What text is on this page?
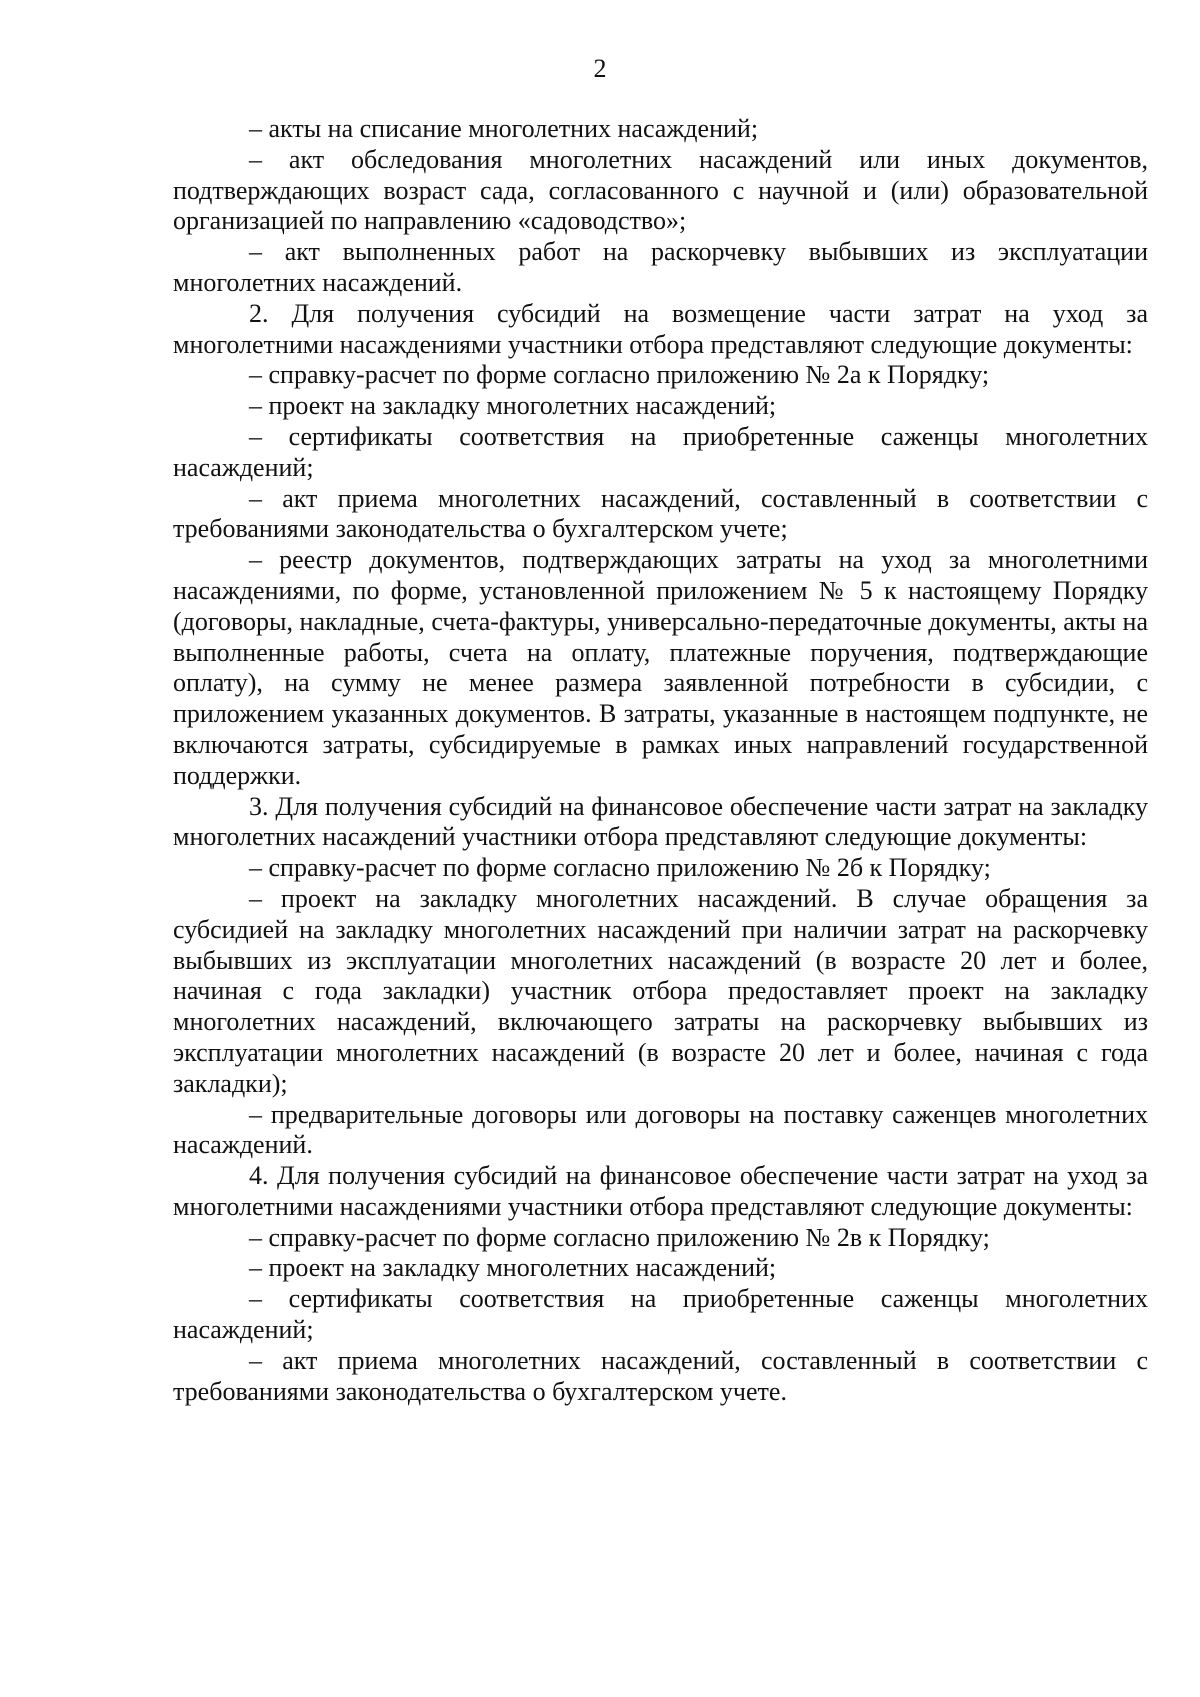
2

– акты на списание многолетних насаждений;

– акт обследования многолетних насаждений или иных документов, подтверждающих возраст сада, согласованного с научной и (или) образовательной организацией по направлению «садоводство»;

– акт выполненных работ на раскорчевку выбывших из эксплуатации многолетних насаждений.

2. Для получения субсидий на возмещение части затрат на уход за многолетними насаждениями участники отбора представляют следующие документы:

– справку-расчет по форме согласно приложению № 2а к Порядку;

– проект на закладку многолетних насаждений;

– сертификаты соответствия на приобретенные саженцы многолетних насаждений;

– акт приема многолетних насаждений, составленный в соответствии с требованиями законодательства о бухгалтерском учете;

– реестр документов, подтверждающих затраты на уход за многолетними насаждениями, по форме, установленной приложением № 5 к настоящему Порядку (договоры, накладные, счета-фактуры, универсально-передаточные документы, акты на выполненные работы, счета на оплату, платежные поручения, подтверждающие оплату), на сумму не менее размера заявленной потребности в субсидии, с приложением указанных документов. В затраты, указанные в настоящем подпункте, не включаются затраты, субсидируемые в рамках иных направлений государственной поддержки.

3. Для получения субсидий на финансовое обеспечение части затрат на закладку многолетних насаждений участники отбора представляют следующие документы:

– справку-расчет по форме согласно приложению № 2б к Порядку;

– проект на закладку многолетних насаждений. В случае обращения за субсидией на закладку многолетних насаждений при наличии затрат на раскорчевку выбывших из эксплуатации многолетних насаждений (в возрасте 20 лет и более, начиная с года закладки) участник отбора предоставляет проект на закладку многолетних насаждений, включающего затраты на раскорчевку выбывших из эксплуатации многолетних насаждений (в возрасте 20 лет и более, начиная с года закладки);

– предварительные договоры или договоры на поставку саженцев многолетних насаждений.

4. Для получения субсидий на финансовое обеспечение части затрат на уход за многолетними насаждениями участники отбора представляют следующие документы:

– справку-расчет по форме согласно приложению № 2в к Порядку;

– проект на закладку многолетних насаждений;

– сертификаты соответствия на приобретенные саженцы многолетних насаждений;

– акт приема многолетних насаждений, составленный в соответствии с требованиями законодательства о бухгалтерском учете.
